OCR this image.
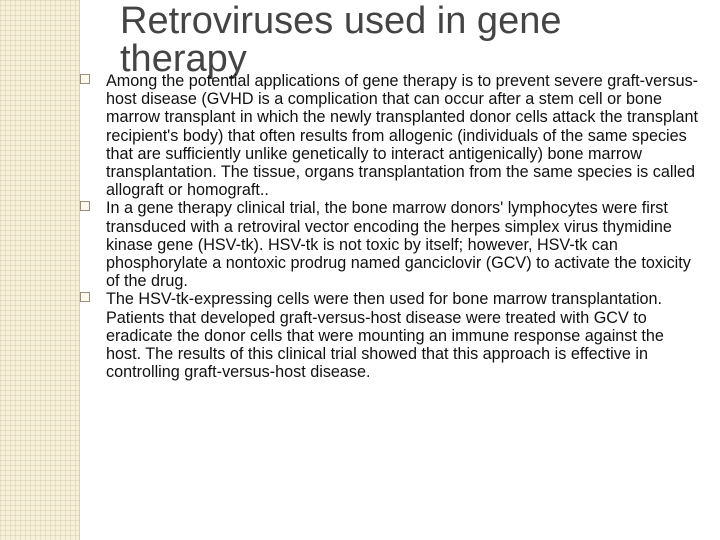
Retroviruses used in gene therapy
Among the potential applications of gene therapy is to prevent severe graft-versus-host disease (GVHD is a complication that can occur after a stem cell or bone marrow transplant in which the newly transplanted donor cells attack the transplant recipient's body) that often results from allogenic (individuals of the same species that are sufficiently unlike genetically to interact antigenically) bone marrow transplantation. The tissue, organs transplantation from the same species is called allograft or homograft..
In a gene therapy clinical trial, the bone marrow donors' lymphocytes were first transduced with a retroviral vector encoding the herpes simplex virus thymidine kinase gene (HSV-tk). HSV-tk is not toxic by itself; however, HSV-tk can phosphorylate a nontoxic prodrug named ganciclovir (GCV) to activate the toxicity of the drug.
The HSV-tk-expressing cells were then used for bone marrow transplantation. Patients that developed graft-versus-host disease were treated with GCV to eradicate the donor cells that were mounting an immune response against the host. The results of this clinical trial showed that this approach is effective in controlling graft-versus-host disease.
